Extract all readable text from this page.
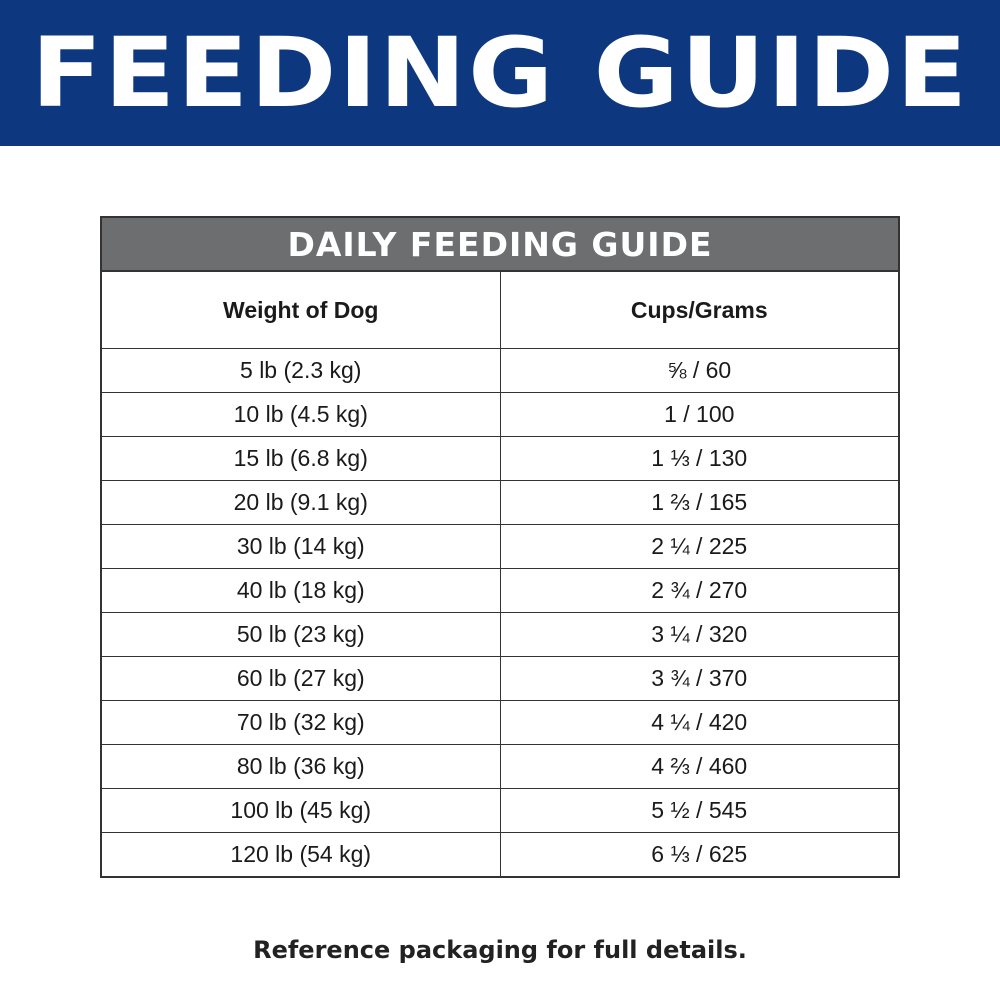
FEEDING GUIDE
DAILY FEEDING GUIDE	
Weight of Dog	Cups/Grams
5 lb (2.3 kg)	⅝ / 60
10 lb (4.5 kg)	1 / 100
15 lb (6.8 kg)	1 ⅓ / 130
20 lb (9.1 kg)	1 ⅔ / 165
30 lb (14 kg)	2 ¼ / 225
40 lb (18 kg)	2 ¾ / 270
50 lb (23 kg)	3 ¼ / 320
60 lb (27 kg)	3 ¾ / 370
70 lb (32 kg)	4 ¼ / 420
80 lb (36 kg)	4 ⅔ / 460
100 lb (45 kg)	5 ½ / 545
120 lb (54 kg)	6 ⅓ / 625
Reference packaging for full details.
